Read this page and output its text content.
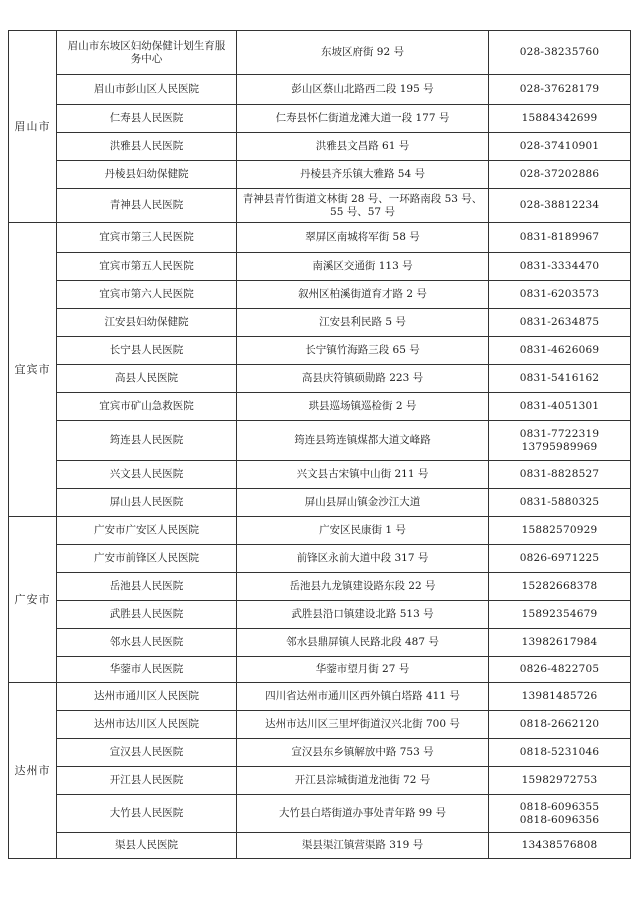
眉山市	眉山市东坡区妇幼保健计划生育服务中心	东坡区府街 92 号	028-38235760

	眉山市彭山区人民医院	彭山区蔡山北路西二段 195 号	028-37628179

	仁寿县人民医院	仁寿县怀仁街道龙滩大道一段 177 号	15884342699

	洪雅县人民医院	洪雅县文昌路 61 号	028-37410901

	丹棱县妇幼保健院	丹棱县齐乐镇大雅路 54 号	028-37202886

	青神县人民医院	青神县青竹街道文林街 28 号、一环路南段 53 号、55 号、57 号	028-38812234

宜宾市	宜宾市第三人民医院	翠屏区南城将军街 58 号	0831-8189967

	宜宾市第五人民医院	南溪区交通街 113 号	0831-3334470

	宜宾市第六人民医院	叙州区柏溪街道育才路 2 号	0831-6203573

	江安县妇幼保健院	江安县利民路 5 号	0831-2634875

	长宁县人民医院	长宁镇竹海路三段 65 号	0831-4626069

	高县人民医院	高县庆符镇硕勋路 223 号	0831-5416162

	宜宾市矿山急救医院	珙县巡场镇巡检街 2 号	0831-4051301

	筠连县人民医院	筠连县筠连镇煤都大道文峰路	0831-7722319
13795989969

	兴文县人民医院	兴文县古宋镇中山街 211 号	0831-8828527

	屏山县人民医院	屏山县屏山镇金沙江大道	0831-5880325

广安市	广安市广安区人民医院	广安区民康街 1 号	15882570929

	广安市前锋区人民医院	前锋区永前大道中段 317 号	0826-6971225

	岳池县人民医院	岳池县九龙镇建设路东段 22 号	15282668378

	武胜县人民医院	武胜县沿口镇建设北路 513 号	15892354679

	邻水县人民医院	邻水县鼎屏镇人民路北段 487 号	13982617984

	华蓥市人民医院	华蓥市望月街 27 号	0826-4822705

达州市	达州市通川区人民医院	四川省达州市通川区西外镇白塔路 411 号	13981485726

	达州市达川区人民医院	达州市达川区三里坪街道汉兴北街 700 号	0818-2662120

	宣汉县人民医院	宣汉县东乡镇解放中路 753 号	0818-5231046

	开江县人民医院	开江县淙城街道龙池街 72 号	15982972753

	大竹县人民医院	大竹县白塔街道办事处青年路 99 号	0818-6096355
0818-6096356

	渠县人民医院	渠县渠江镇营渠路 319 号	13438576808
